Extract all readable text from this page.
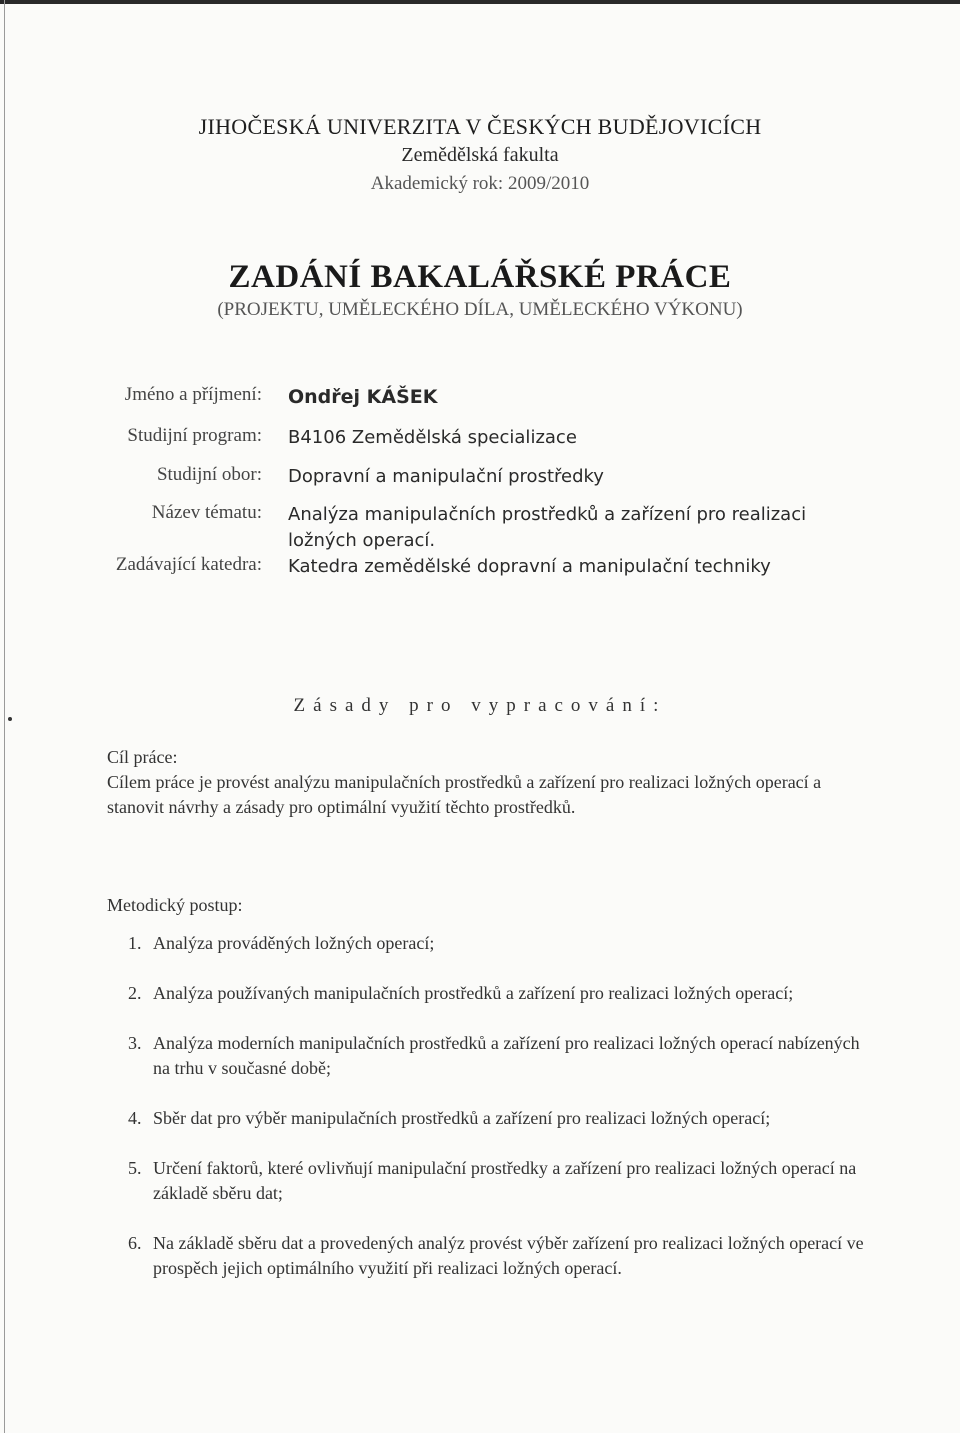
JIHOČESKÁ UNIVERZITA V ČESKÝCH BUDĚJOVICÍCH
Zemědělská fakulta
Akademický rok: 2009/2010
ZADÁNÍ BAKALÁŘSKÉ PRÁCE
(PROJEKTU, UMĚLECKÉHO DÍLA, UMĚLECKÉHO VÝKONU)
Jméno a příjmení: Ondřej KÁŠEK
Studijní program: B4106 Zemědělská specializace
Studijní obor: Dopravní a manipulační prostředky
Název tématu: Analýza manipulačních prostředků a zařízení pro realizaci ložných operací.
Zadávající katedra: Katedra zemědělské dopravní a manipulační techniky
Zásady pro vypracování:
Cíl práce:
Cílem práce je provést analýzu manipulačních prostředků a zařízení pro realizaci ložných operací a stanovit návrhy a zásady pro optimální využití těchto prostředků.
Metodický postup:
1. Analýza prováděných ložných operací;
2. Analýza používaných manipulačních prostředků a zařízení pro realizaci ložných operací;
3. Analýza moderních manipulačních prostředků a zařízení pro realizaci ložných operací nabízených na trhu v současné době;
4. Sběr dat pro výběr manipulačních prostředků a zařízení pro realizaci ložných operací;
5. Určení faktorů, které ovlivňují manipulační prostředky a zařízení pro realizaci ložných operací na základě sběru dat;
6. Na základě sběru dat a provedených analýz provést výběr zařízení pro realizaci ložných operací ve prospěch jejich optimálního využití při realizaci ložných operací.
